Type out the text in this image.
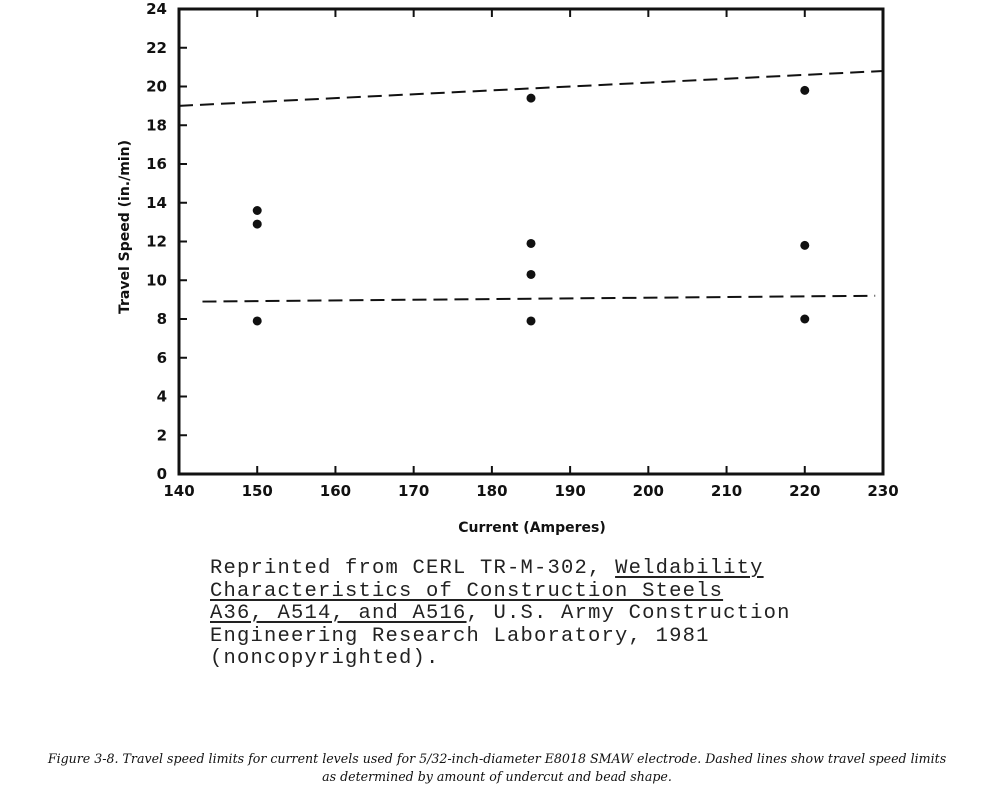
0
2
4
6
8
10
12
14
16
18
20
22
24
140	150	160	170	180	190	200	210	220	230
Current (Amperes)
Travel Speed (in./min)
Reprinted from CERL TR-M-302, Weldability
Characteristics of Construction Steels
A36, A514, and A516, U.S. Army Construction
Engineering Research Laboratory, 1981
(noncopyrighted).
Figure 3-8. Travel speed limits for current levels used for 5/32-inch-diameter E8018 SMAW electrode. Dashed lines show travel speed limits
as determined by amount of undercut and bead shape.
